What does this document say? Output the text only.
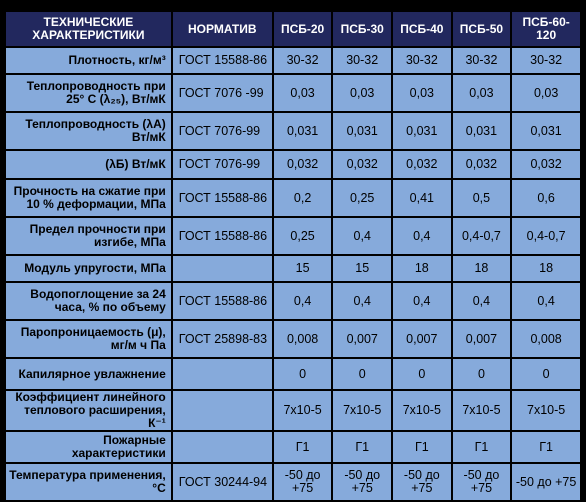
ТЕХНИЧЕСКИЕ ХАРАКТЕРИСТИКИ	НОРМАТИВ	ПСБ-20	ПСБ-30	ПСБ-40	ПСБ-50	ПСБ-60-120
Плотность, кг/м³	ГОСТ 15588-86	30-32	30-32	30-32	30-32	30-32
Теплопроводность при 25° С (λ₂₅), Вт/мК	ГОСТ 7076 -99	0,03	0,03	0,03	0,03	0,03
Теплопроводность (λА) Вт/мК	ГОСТ 7076-99	0,031	0,031	0,031	0,031	0,031
(λБ) Вт/мК	ГОСТ 7076-99	0,032	0,032	0,032	0,032	0,032
Прочность на сжатие при 10 % деформации, МПа	ГОСТ 15588-86	0,2	0,25	0,41	0,5	0,6
Предел прочности при изгибе, МПа	ГОСТ 15588-86	0,25	0,4	0,4	0,4-0,7	0,4-0,7
Модуль упругости, МПа		15	15	18	18	18
Водопоглощение за 24 часа, % по объему	ГОСТ 15588-86	0,4	0,4	0,4	0,4	0,4
Паропроницаемость (μ), мг/м ч Па	ГОСТ 25898-83	0,008	0,007	0,007	0,007	0,008
Капилярное увлажнение		0	0	0	0	0
Коэффициент линейного теплового расширения, К⁻¹		7x10-5	7x10-5	7x10-5	7x10-5	7x10-5
Пожарные характеристики		Г1	Г1	Г1	Г1	Г1
Температура применения, °С	ГОСТ 30244-94	-50 до +75	-50 до +75	-50 до +75	-50 до +75	-50 до +75
